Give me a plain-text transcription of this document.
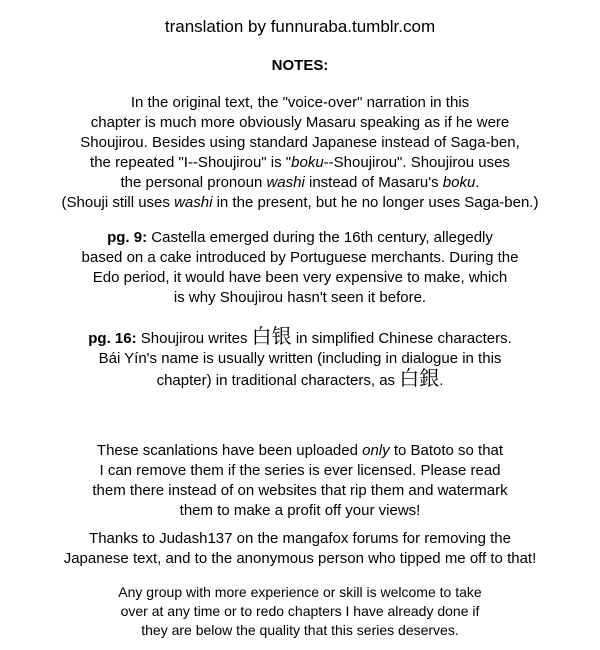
translation by funnuraba.tumblr.com
NOTES:
In the original text, the "voice-over" narration in this
chapter is much more obviously Masaru speaking as if he were
Shoujirou. Besides using standard Japanese instead of Saga-ben,
the repeated "I--Shoujirou" is "boku--Shoujirou". Shoujirou uses
the personal pronoun washi instead of Masaru's boku.
(Shouji still uses washi in the present, but he no longer uses Saga-ben.)
pg. 9: Castella emerged during the 16th century, allegedly
based on a cake introduced by Portuguese merchants. During the
Edo period, it would have been very expensive to make, which
is why Shoujirou hasn't seen it before.
pg. 16: Shoujirou writes 白银 in simplified Chinese characters.
Bái Yín's name is usually written (including in dialogue in this
chapter) in traditional characters, as 白銀.
These scanlations have been uploaded only to Batoto so that
I can remove them if the series is ever licensed. Please read
them there instead of on websites that rip them and watermark
them to make a profit off your views!
Thanks to Judash137 on the mangafox forums for removing the
Japanese text, and to the anonymous person who tipped me off to that!
Any group with more experience or skill is welcome to take
over at any time or to redo chapters I have already done if
they are below the quality that this series deserves.
